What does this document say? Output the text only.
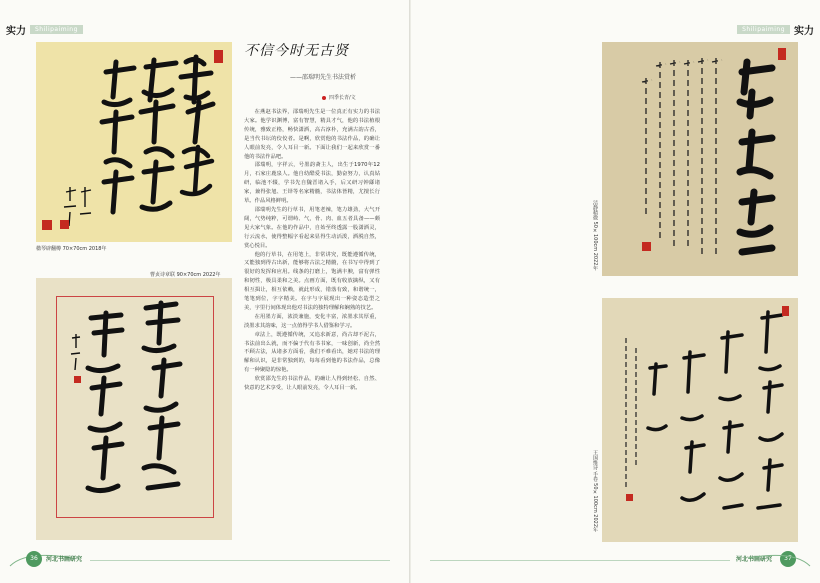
实力	Shilipaiming	Shilipaiming 实力
楹琴辟翻樽 70×70cm 2018年
曹贞诗章联 90×70cm 2022年
不信今时无古贤
——邵瑞明先生书法赏析
四季长青/文

在燕赵书法界，邵瑞明先生是一位真正有实力的书法大家。他学识渊博，富有智慧，精具才气，他的书法植根传统，雅致正格，畅快潇洒，高古淳朴，充满古韵古香，是当代书坛的佼佼者。是啊，欣赏他的书法作品，的确让人眼前发亮，令人耳目一新。下面让我们一起来欣赏一番他的书法作品吧。

邵瑞明，字祥云，号墨韵斋主人，出生于1970年12月，石家庄鹿泉人。他自幼酷爱书法，勤奋努力，认真钻研，临池不辍，学书先自魏晋诸入手，后又研习钟繇诸家，兼得张旭、王铎等名家精髓，书法体皆精，尤擅长行草。作品风格鲜明。

邵瑞明先生的行草书，用笔老辣，笔力雄劲，大气开阔，气势纯粹，可谓峙、气，骨、肉、血五者具备——颇见大家气象。在他的作品中，自始至终透露一股潇洒灵，行云流水，使得整幅字看起来显得生动活泼，洒脱自然，赏心悦目。

他的行草书，在用笔上，非常讲究，既能遵循传统，又能独到得古出新，能够将古法之精髓，在书写中得到了很好的发挥和应用。线条的打磨上，饱满丰腴，富有弹性和韧性，极具柔和之美。点画方面，既有收放擒纵，又有相互揖让，相互依赖，就此形成，错落有致，和谐统一，笔笔到位，字字精美。在字与字展现出一种姿态造型之美，字里行间体现出他对书法的独特理解和娴熟的技艺。

在用墨方面，浓淡兼施，变化丰富，浓墨求其厚重，淡墨求其韵味，这一点值得学书人借鉴和学习。

章法上，既遵循传统，又追求新意，尚古却不泥古，书法前出么就，而不偏于代有书书家，一味创新，尚全然不顾古法，从诸多方面看，我们不难看出，她对书法的理解和认识，是非常独到的，每每看到他的书法作品，总像有一种聚隐的惊艳。

欣赏邵先生的书法作品，的确让人得到轻松、自然、快意的艺术享受，让人眼前发亮，令人耳目一新。

洁静精微 50×100cm 2022年
王国维诗 手卷 50×100cm 2022年
36	河北书画研究	河北书画研究	37
